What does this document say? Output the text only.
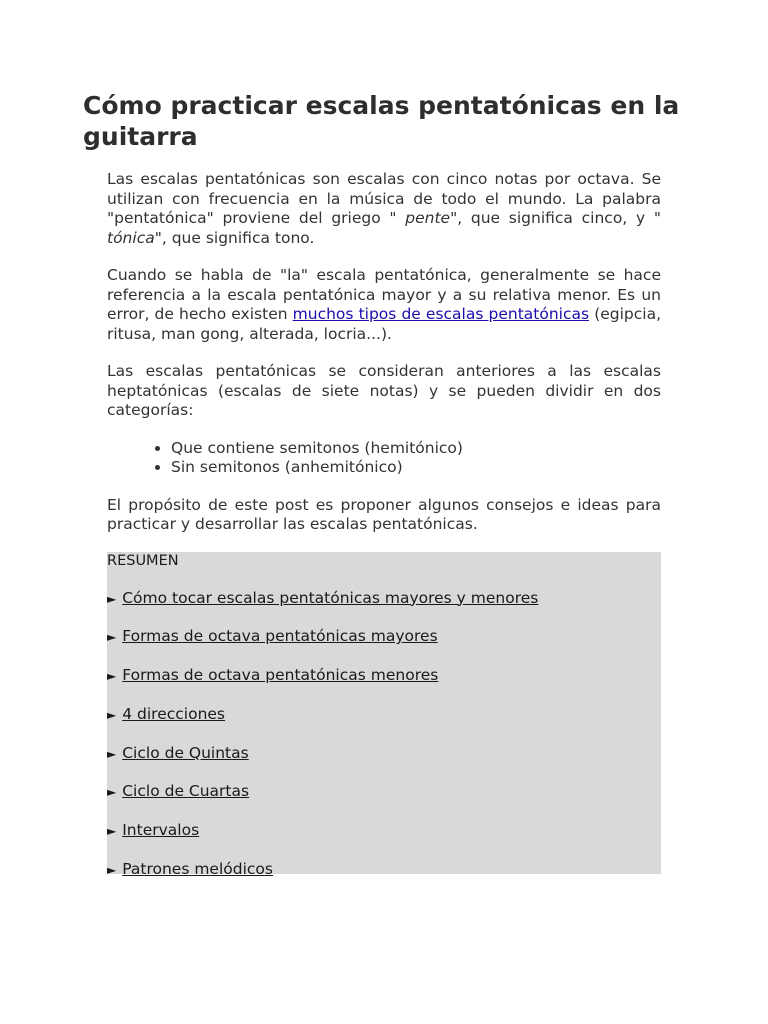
Cómo practicar escalas pentatónicas en la guitarra

Las escalas pentatónicas son escalas con cinco notas por octava. Se utilizan con frecuencia en la música de todo el mundo. La palabra "pentatónica" proviene del griego " pente", que significa cinco, y " tónica", que significa tono.

Cuando se habla de "la" escala pentatónica, generalmente se hace referencia a la escala pentatónica mayor y a su relativa menor. Es un error, de hecho existen muchos tipos de escalas pentatónicas (egipcia, ritusa, man gong, alterada, locria...).

Las escalas pentatónicas se consideran anteriores a las escalas heptatónicas (escalas de siete notas) y se pueden dividir en dos categorías:

• Que contiene semitonos (hemitónico)
• Sin semitonos (anhemitónico)

El propósito de este post es proponer algunos consejos e ideas para practicar y desarrollar las escalas pentatónicas.

RESUMEN
► Cómo tocar escalas pentatónicas mayores y menores
► Formas de octava pentatónicas mayores
► Formas de octava pentatónicas menores
► 4 direcciones
► Ciclo de Quintas
► Ciclo de Cuartas
► Intervalos
► Patrones melódicos
